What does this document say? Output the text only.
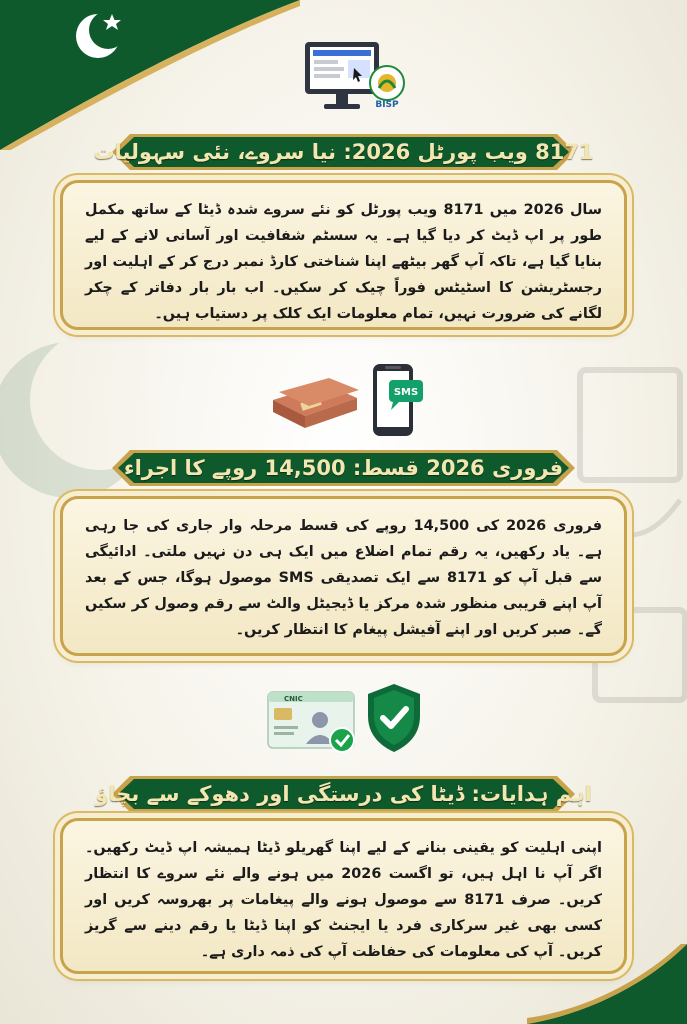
BISP
8171 ویب پورٹل 2026: نیا سروے، نئی سہولیات
سال 2026 میں 8171 ویب پورٹل کو نئے سروے شدہ ڈیٹا کے ساتھ مکمل طور پر اپ ڈیٹ کر دیا گیا ہے۔ یہ سسٹم شفافیت اور آسانی لانے کے لیے بنایا گیا ہے، تاکہ آپ گھر بیٹھے اپنا شناختی کارڈ نمبر درج کر کے اہلیت اور رجسٹریشن کا اسٹیٹس فوراً چیک کر سکیں۔ اب بار بار دفاتر کے چکر لگانے کی ضرورت نہیں، تمام معلومات ایک کلک پر دستیاب ہیں۔
SMS
فروری 2026 قسط: 14,500 روپے کا اجراء
فروری 2026 کی 14,500 روپے کی قسط مرحلہ وار جاری کی جا رہی ہے۔ یاد رکھیں، یہ رقم تمام اضلاع میں ایک ہی دن نہیں ملتی۔ ادائیگی سے قبل آپ کو 8171 سے ایک تصدیقی SMS موصول ہوگا، جس کے بعد آپ اپنے قریبی منظور شدہ مرکز یا ڈیجیٹل والٹ سے رقم وصول کر سکیں گے۔ صبر کریں اور اپنے آفیشل پیغام کا انتظار کریں۔
CNIC
اہم ہدایات: ڈیٹا کی درستگی اور دھوکے سے بچاؤ
اپنی اہلیت کو یقینی بنانے کے لیے اپنا گھریلو ڈیٹا ہمیشہ اپ ڈیٹ رکھیں۔ اگر آپ نا اہل ہیں، تو اگست 2026 میں ہونے والے نئے سروے کا انتظار کریں۔ صرف 8171 سے موصول ہونے والے پیغامات پر بھروسہ کریں اور کسی بھی غیر سرکاری فرد یا ایجنٹ کو اپنا ڈیٹا یا رقم دینے سے گریز کریں۔ آپ کی معلومات کی حفاظت آپ کی ذمہ داری ہے۔
